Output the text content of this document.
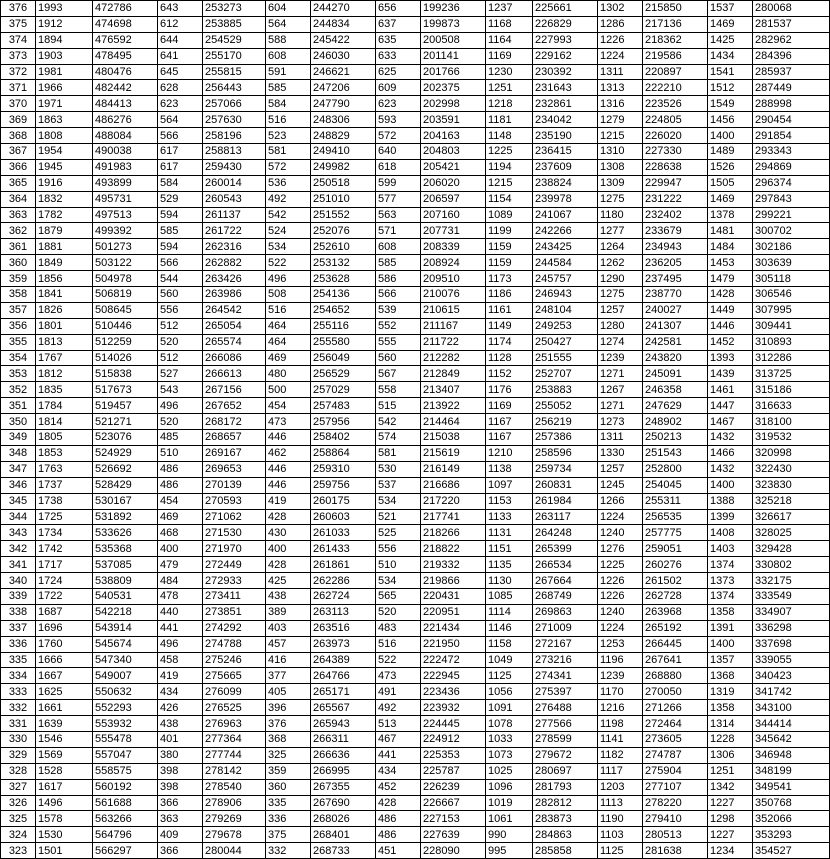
376	1993	472786	643	253273	604	244270	656	199236	1237	225661	1302	215850	1537	280068
375	1912	474698	612	253885	564	244834	637	199873	1168	226829	1286	217136	1469	281537
374	1894	476592	644	254529	588	245422	635	200508	1164	227993	1226	218362	1425	282962
373	1903	478495	641	255170	608	246030	633	201141	1169	229162	1224	219586	1434	284396
372	1981	480476	645	255815	591	246621	625	201766	1230	230392	1311	220897	1541	285937
371	1966	482442	628	256443	585	247206	609	202375	1251	231643	1313	222210	1512	287449
370	1971	484413	623	257066	584	247790	623	202998	1218	232861	1316	223526	1549	288998
369	1863	486276	564	257630	516	248306	593	203591	1181	234042	1279	224805	1456	290454
368	1808	488084	566	258196	523	248829	572	204163	1148	235190	1215	226020	1400	291854
367	1954	490038	617	258813	581	249410	640	204803	1225	236415	1310	227330	1489	293343
366	1945	491983	617	259430	572	249982	618	205421	1194	237609	1308	228638	1526	294869
365	1916	493899	584	260014	536	250518	599	206020	1215	238824	1309	229947	1505	296374
364	1832	495731	529	260543	492	251010	577	206597	1154	239978	1275	231222	1469	297843
363	1782	497513	594	261137	542	251552	563	207160	1089	241067	1180	232402	1378	299221
362	1879	499392	585	261722	524	252076	571	207731	1199	242266	1277	233679	1481	300702
361	1881	501273	594	262316	534	252610	608	208339	1159	243425	1264	234943	1484	302186
360	1849	503122	566	262882	522	253132	585	208924	1159	244584	1262	236205	1453	303639
359	1856	504978	544	263426	496	253628	586	209510	1173	245757	1290	237495	1479	305118
358	1841	506819	560	263986	508	254136	566	210076	1186	246943	1275	238770	1428	306546
357	1826	508645	556	264542	516	254652	539	210615	1161	248104	1257	240027	1449	307995
356	1801	510446	512	265054	464	255116	552	211167	1149	249253	1280	241307	1446	309441
355	1813	512259	520	265574	464	255580	555	211722	1174	250427	1274	242581	1452	310893
354	1767	514026	512	266086	469	256049	560	212282	1128	251555	1239	243820	1393	312286
353	1812	515838	527	266613	480	256529	567	212849	1152	252707	1271	245091	1439	313725
352	1835	517673	543	267156	500	257029	558	213407	1176	253883	1267	246358	1461	315186
351	1784	519457	496	267652	454	257483	515	213922	1169	255052	1271	247629	1447	316633
350	1814	521271	520	268172	473	257956	542	214464	1167	256219	1273	248902	1467	318100
349	1805	523076	485	268657	446	258402	574	215038	1167	257386	1311	250213	1432	319532
348	1853	524929	510	269167	462	258864	581	215619	1210	258596	1330	251543	1466	320998
347	1763	526692	486	269653	446	259310	530	216149	1138	259734	1257	252800	1432	322430
346	1737	528429	486	270139	446	259756	537	216686	1097	260831	1245	254045	1400	323830
345	1738	530167	454	270593	419	260175	534	217220	1153	261984	1266	255311	1388	325218
344	1725	531892	469	271062	428	260603	521	217741	1133	263117	1224	256535	1399	326617
343	1734	533626	468	271530	430	261033	525	218266	1131	264248	1240	257775	1408	328025
342	1742	535368	400	271970	400	261433	556	218822	1151	265399	1276	259051	1403	329428
341	1717	537085	479	272449	428	261861	510	219332	1135	266534	1225	260276	1374	330802
340	1724	538809	484	272933	425	262286	534	219866	1130	267664	1226	261502	1373	332175
339	1722	540531	478	273411	438	262724	565	220431	1085	268749	1226	262728	1374	333549
338	1687	542218	440	273851	389	263113	520	220951	1114	269863	1240	263968	1358	334907
337	1696	543914	441	274292	403	263516	483	221434	1146	271009	1224	265192	1391	336298
336	1760	545674	496	274788	457	263973	516	221950	1158	272167	1253	266445	1400	337698
335	1666	547340	458	275246	416	264389	522	222472	1049	273216	1196	267641	1357	339055
334	1667	549007	419	275665	377	264766	473	222945	1125	274341	1239	268880	1368	340423
333	1625	550632	434	276099	405	265171	491	223436	1056	275397	1170	270050	1319	341742
332	1661	552293	426	276525	396	265567	492	223932	1091	276488	1216	271266	1358	343100
331	1639	553932	438	276963	376	265943	513	224445	1078	277566	1198	272464	1314	344414
330	1546	555478	401	277364	368	266311	467	224912	1033	278599	1141	273605	1228	345642
329	1569	557047	380	277744	325	266636	441	225353	1073	279672	1182	274787	1306	346948
328	1528	558575	398	278142	359	266995	434	225787	1025	280697	1117	275904	1251	348199
327	1617	560192	398	278540	360	267355	452	226239	1096	281793	1203	277107	1342	349541
326	1496	561688	366	278906	335	267690	428	226667	1019	282812	1113	278220	1227	350768
325	1578	563266	363	279269	336	268026	486	227153	1061	283873	1190	279410	1298	352066
324	1530	564796	409	279678	375	268401	486	227639	990	284863	1103	280513	1227	353293
323	1501	566297	366	280044	332	268733	451	228090	995	285858	1125	281638	1234	354527
